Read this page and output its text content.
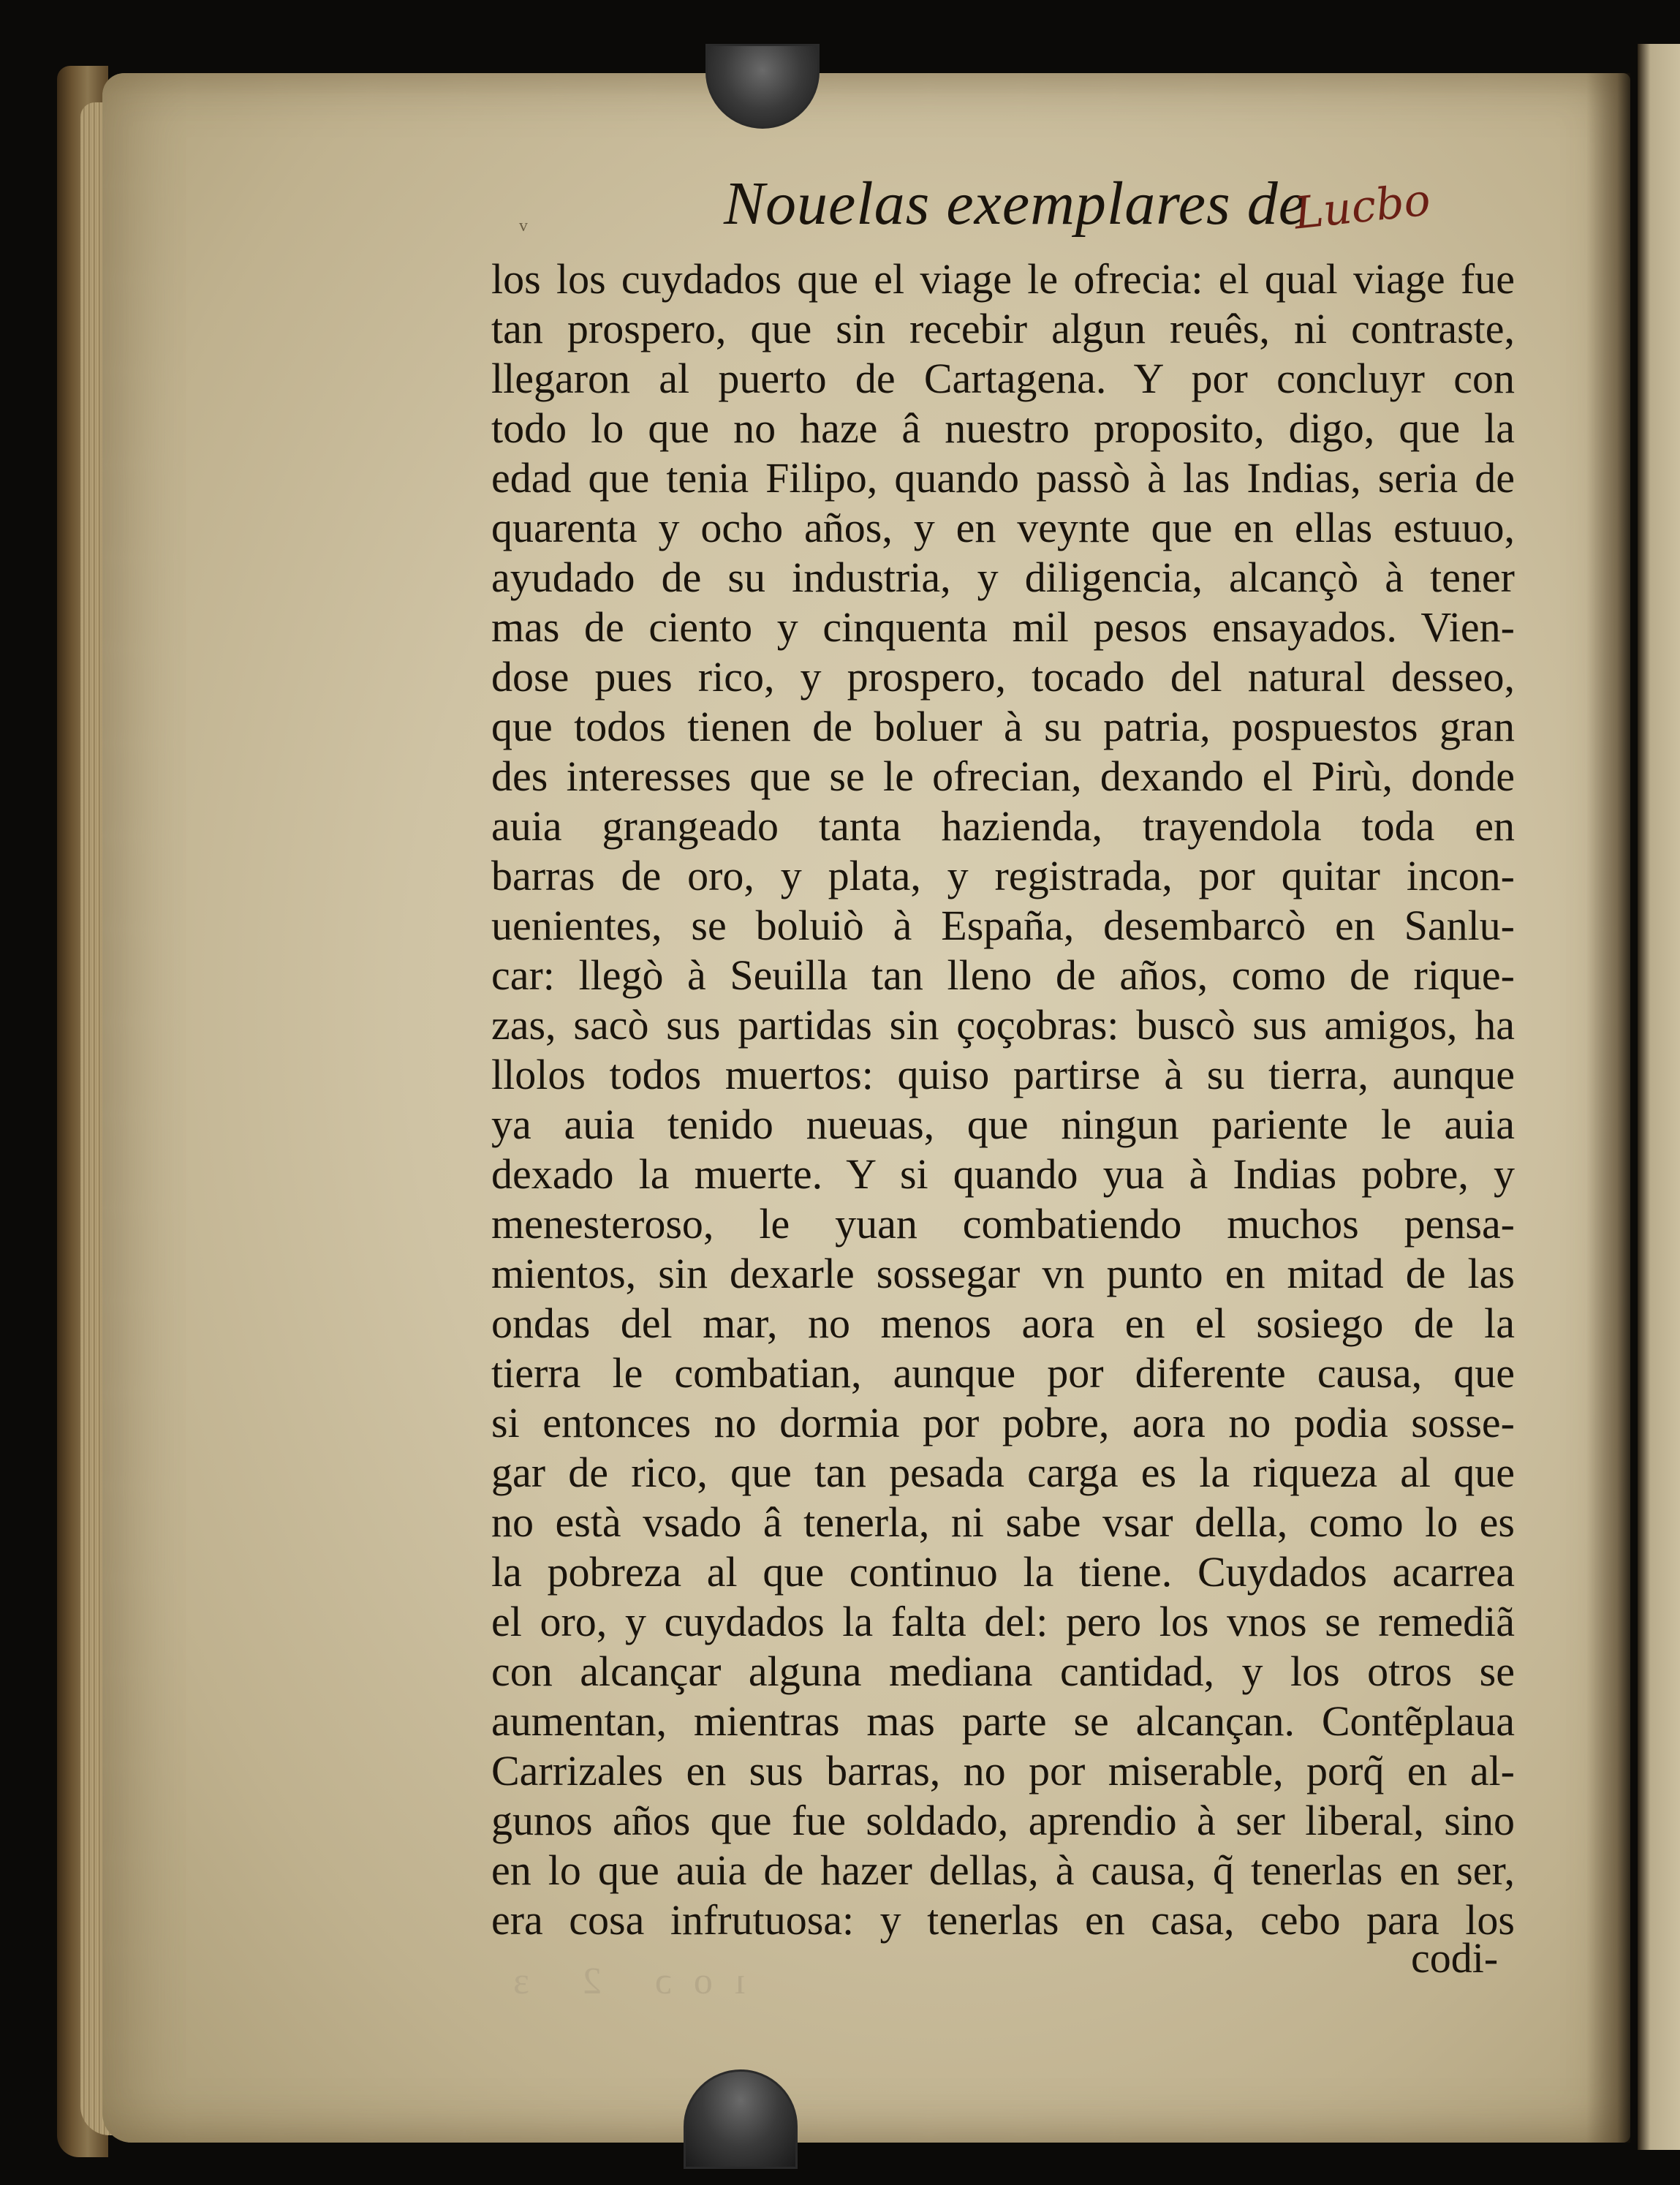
ᵛ	Nouelas exemplares de
Lucbo
los los cuydados que el viage le ofrecia: el qual viage fue
tan prospero, que sin recebir algun reuês, ni contraste,
llegaron al puerto de Cartagena. Y por concluyr con
todo lo que no haze â nuestro proposito, digo, que la
edad que tenia Filipo, quando passò à las Indias, seria de
quarenta y ocho años, y en veynte que en ellas estuuo,
ayudado de su industria, y diligencia, alcançò à tener
mas de ciento y cinquenta mil pesos ensayados. Vien-
dose pues rico, y prospero, tocado del natural desseo,
que todos tienen de boluer à su patria, pospuestos gran
des interesses que se le ofrecian, dexando el Pirù, donde
auia grangeado tanta hazienda, trayendola toda en
barras de oro, y plata, y registrada, por quitar incon-
uenientes, se boluiò à España, desembarcò en Sanlu-
car: llegò à Seuilla tan lleno de años, como de rique-
zas, sacò sus partidas sin çoçobras: buscò sus amigos, ha
llolos todos muertos: quiso partirse à su tierra, aunque
ya auia tenido nueuas, que ningun pariente le auia
dexado la muerte. Y si quando yua à Indias pobre, y
menesteroso, le yuan combatiendo muchos pensa-
mientos, sin dexarle sossegar vn punto en mitad de las
ondas del mar, no menos aora en el sosiego de la
tierra le combatian, aunque por diferente causa, que
si entonces no dormia por pobre, aora no podia sosse-
gar de rico, que tan pesada carga es la riqueza al que
no està vsado â tenerla, ni sabe vsar della, como lo es
la pobreza al que continuo la tiene. Cuydados acarrea
el oro, y cuydados la falta del: pero los vnos se remediã
con alcançar alguna mediana cantidad, y los otros se
aumentan, mientras mas parte se alcançan. Contẽplaua
Carrizales en sus barras, no por miserable, porq̃ en al-
gunos años que fue soldado, aprendio à ser liberal, sino
en lo que auia de hazer dellas, à causa, q̃ tenerlas en ser,
era cosa infrutuosa: y tenerlas en casa, cebo para los
codi-
ıoɔ 2 ɜ
